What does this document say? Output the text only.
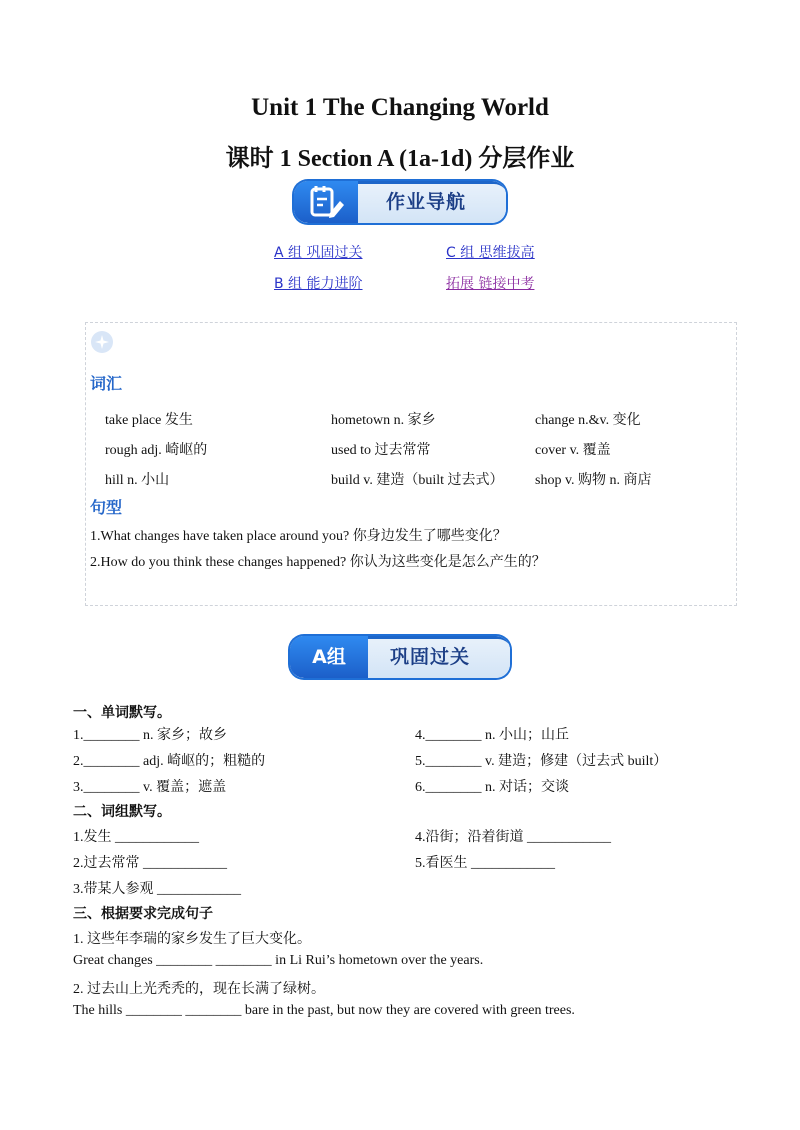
Unit 1 The Changing World
课时 1 Section A (1a-1d) 分层作业
作业导航
A 组 巩固过关	C 组 思维拔高
B 组 能力进阶	拓展 链接中考
词汇
take place 发生	hometown n. 家乡	change n.&v. 变化
rough adj. 崎岖的	used to 过去常常	cover v. 覆盖
hill n. 小山	build v. 建造（built 过去式） shop v. 购物 n. 商店
句型
1.What changes have taken place around you? 你身边发生了哪些变化？
2.How do you think these changes happened? 你认为这些变化是怎么产生的？
A组	巩固过关
一、单词默写。
1.________ n. 家乡；故乡	4.________ n. 小山；山丘
2.________ adj. 崎岖的；粗糙的	5.________ v. 建造；修建（过去式 built）
3.________ v. 覆盖；遮盖	6.________ n. 对话；交谈
二、词组默写。
1.发生 ____________	4.沿街；沿着街道 ____________
2.过去常常 ____________	5.看医生 ____________
3.带某人参观 ____________
三、根据要求完成句子
1. 这些年李瑞的家乡发生了巨大变化。
Great changes ________ ________ in Li Rui’s hometown over the years.
2. 过去山上光秃秃的，现在长满了绿树。
The hills ________ ________ bare in the past, but now they are covered with green trees.
